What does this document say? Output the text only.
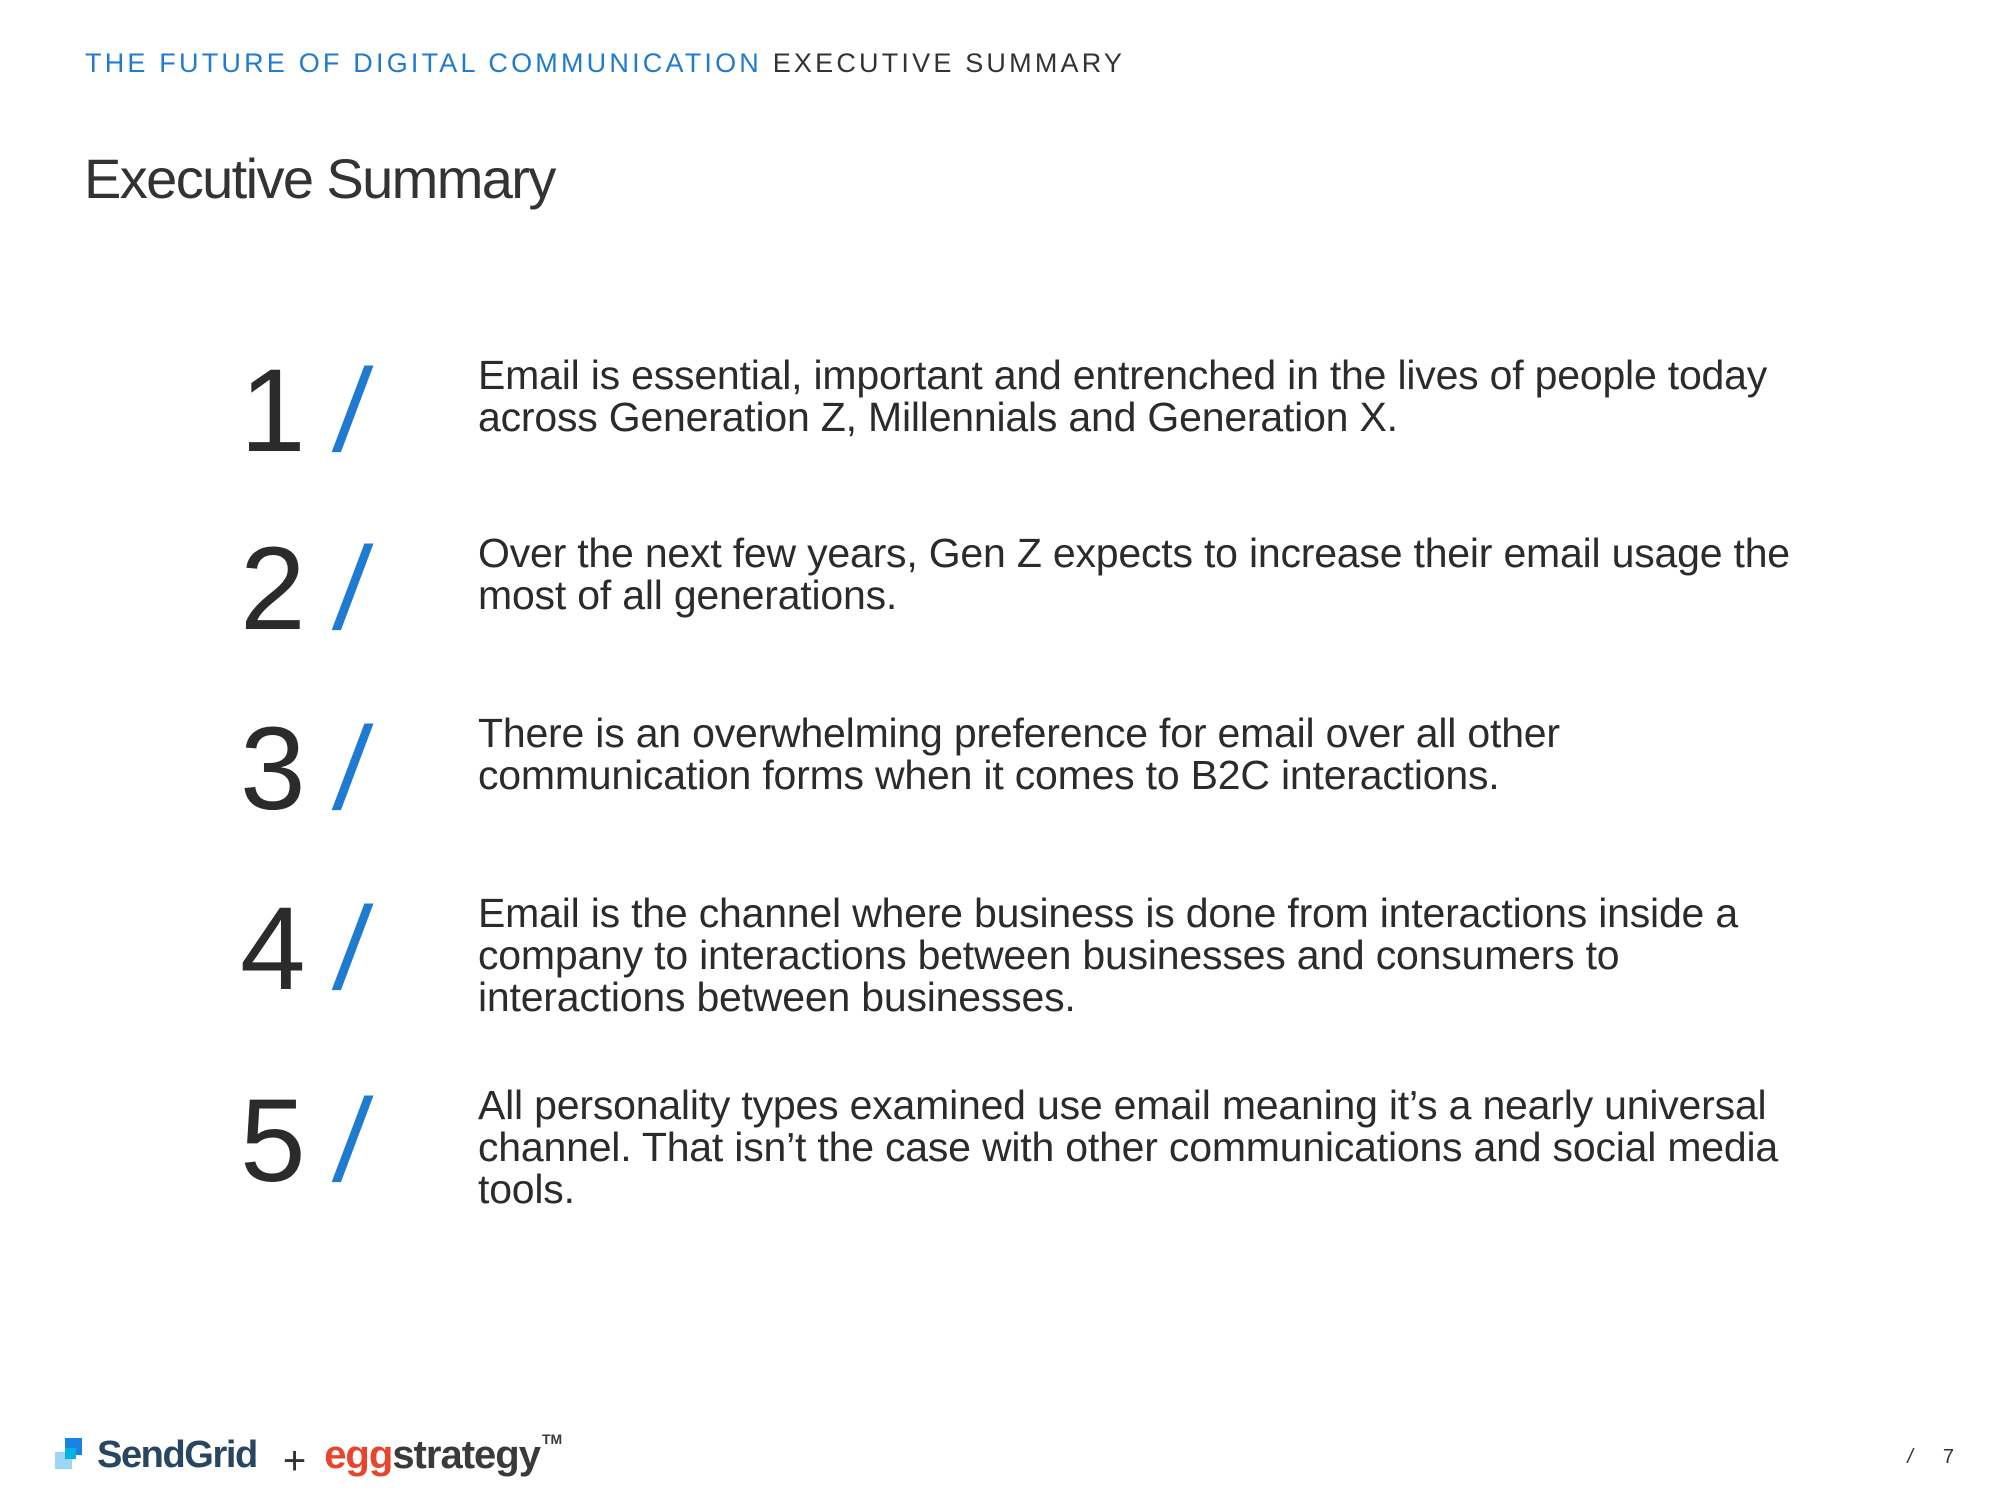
THE FUTURE OF DIGITAL COMMUNICATION EXECUTIVE SUMMARY
Executive Summary
1 / Email is essential, important and entrenched in the lives of people today across Generation Z, Millennials and Generation X.
2 / Over the next few years, Gen Z expects to increase their email usage the most of all generations.
3 / There is an overwhelming preference for email over all other communication forms when it comes to B2C interactions.
4 / Email is the channel where business is done from interactions inside a company to interactions between businesses and consumers to interactions between businesses.
5 / All personality types examined use email meaning it’s a nearly universal channel. That isn’t the case with other communications and social media tools.
SendGrid + egg strategy TM
/ 7
